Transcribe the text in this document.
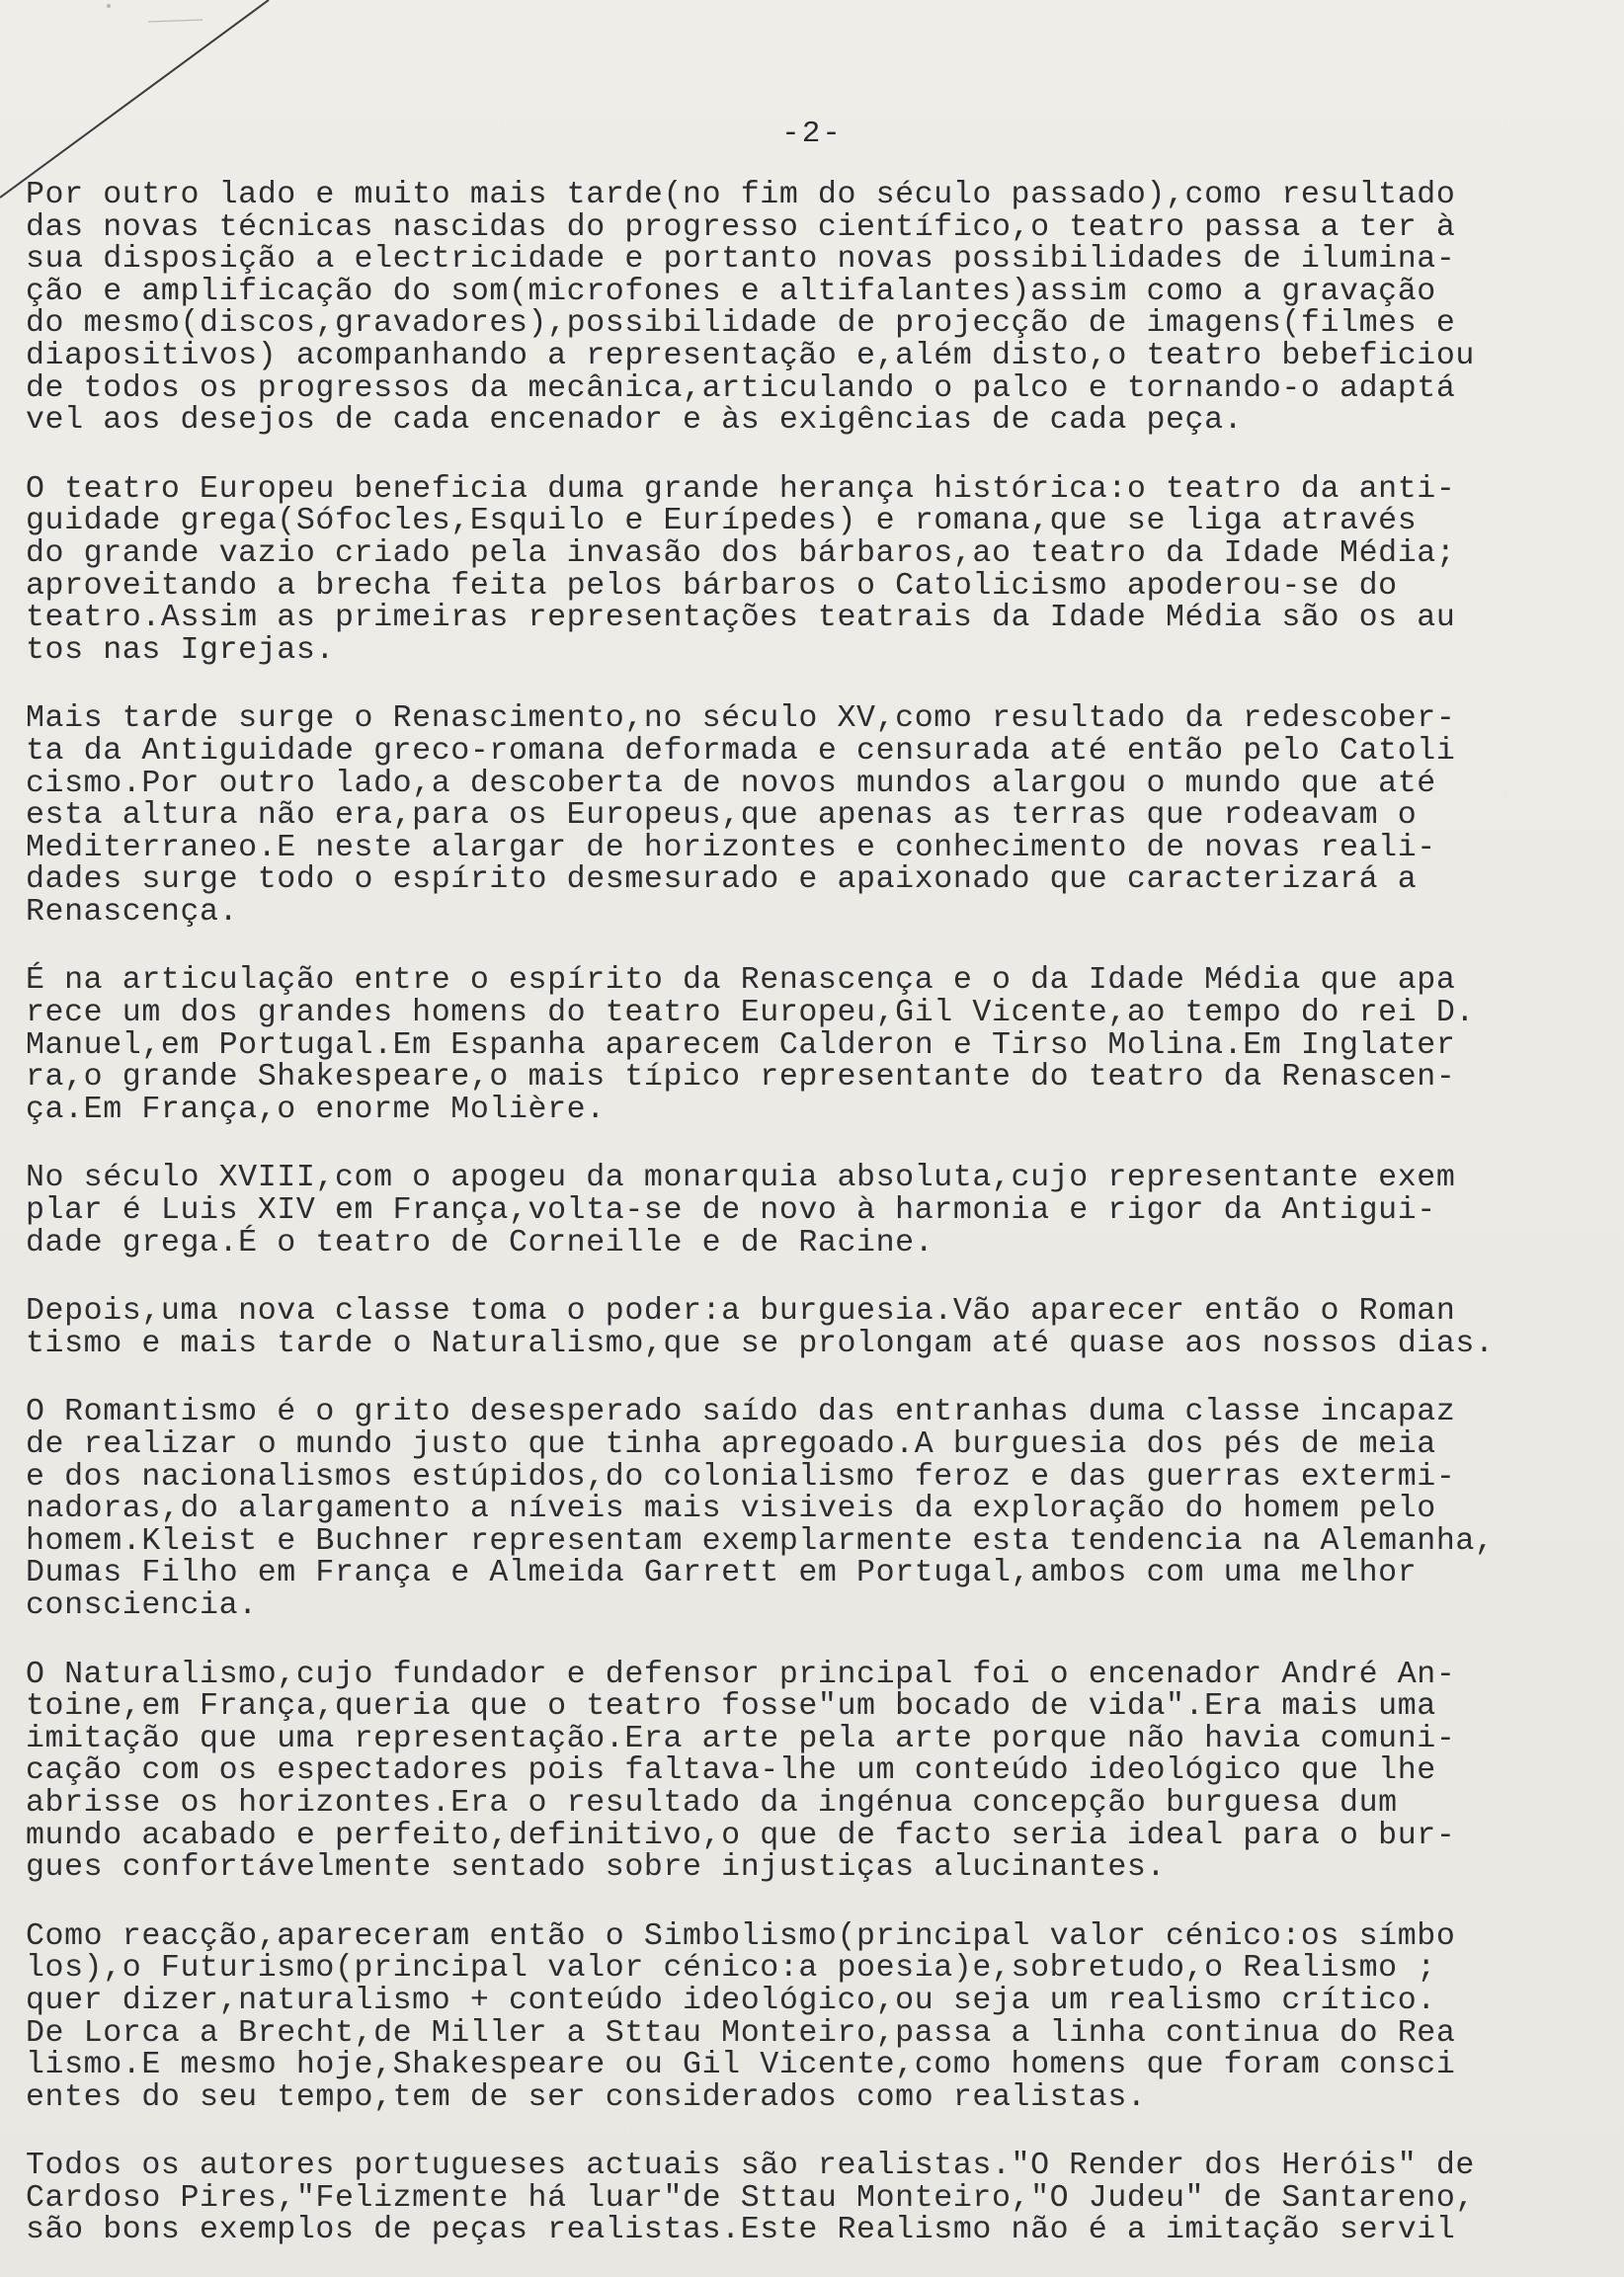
-2-
Por outro lado e muito mais tarde(no fim do século passado),como resultado
das novas técnicas nascidas do progresso científico,o teatro passa a ter à
sua disposição a electricidade e portanto novas possibilidades de ilumina-
ção e amplificação do som(microfones e altifalantes)assim como a gravação
do mesmo(discos,gravadores),possibilidade de projecção de imagens(filmes e
diapositivos) acompanhando a representação e,além disto,o teatro bebeficiou
de todos os progressos da mecânica,articulando o palco e tornando-o adaptá
vel aos desejos de cada encenador e às exigências de cada peça.
O teatro Europeu beneficia duma grande herança histórica:o teatro da anti-
guidade grega(Sófocles,Esquilo e Eurípedes) e romana,que se liga através
do grande vazio criado pela invasão dos bárbaros,ao teatro da Idade Média;
aproveitando a brecha feita pelos bárbaros o Catolicismo apoderou-se do
teatro.Assim as primeiras representações teatrais da Idade Média são os au
tos nas Igrejas.
Mais tarde surge o Renascimento,no século XV,como resultado da redescober-
ta da Antiguidade greco-romana deformada e censurada até então pelo Catoli
cismo.Por outro lado,a descoberta de novos mundos alargou o mundo que até
esta altura não era,para os Europeus,que apenas as terras que rodeavam o
Mediterraneo.E neste alargar de horizontes e conhecimento de novas reali-
dades surge todo o espírito desmesurado e apaixonado que caracterizará a
Renascença.
É na articulação entre o espírito da Renascença e o da Idade Média que apa
rece um dos grandes homens do teatro Europeu,Gil Vicente,ao tempo do rei D.
Manuel,em Portugal.Em Espanha aparecem Calderon e Tirso Molina.Em Inglater
ra,o grande Shakespeare,o mais típico representante do teatro da Renascen-
ça.Em França,o enorme Molière.
No século XVIII,com o apogeu da monarquia absoluta,cujo representante exem
plar é Luis XIV em França,volta-se de novo à harmonia e rigor da Antigui-
dade grega.É o teatro de Corneille e de Racine.
Depois,uma nova classe toma o poder:a burguesia.Vão aparecer então o Roman
tismo e mais tarde o Naturalismo,que se prolongam até quase aos nossos dias.
O Romantismo é o grito desesperado saído das entranhas duma classe incapaz
de realizar o mundo justo que tinha apregoado.A burguesia dos pés de meia
e dos nacionalismos estúpidos,do colonialismo feroz e das guerras extermi-
nadoras,do alargamento a níveis mais visiveis da exploração do homem pelo
homem.Kleist e Buchner representam exemplarmente esta tendencia na Alemanha,
Dumas Filho em França e Almeida Garrett em Portugal,ambos com uma melhor
consciencia.
O Naturalismo,cujo fundador e defensor principal foi o encenador André An-
toine,em França,queria que o teatro fosse"um bocado de vida".Era mais uma
imitação que uma representação.Era arte pela arte porque não havia comuni-
cação com os espectadores pois faltava-lhe um conteúdo ideológico que lhe
abrisse os horizontes.Era o resultado da ingénua concepção burguesa dum
mundo acabado e perfeito,definitivo,o que de facto seria ideal para o bur-
gues confortávelmente sentado sobre injustiças alucinantes.
Como reacção,apareceram então o Simbolismo(principal valor cénico:os símbo
los),o Futurismo(principal valor cénico:a poesia)e,sobretudo,o Realismo ;
quer dizer,naturalismo + conteúdo ideológico,ou seja um realismo crítico.
De Lorca a Brecht,de Miller a Sttau Monteiro,passa a linha continua do Rea
lismo.E mesmo hoje,Shakespeare ou Gil Vicente,como homens que foram consci
entes do seu tempo,tem de ser considerados como realistas.
Todos os autores portugueses actuais são realistas."O Render dos Heróis" de
Cardoso Pires,"Felizmente há luar"de Sttau Monteiro,"O Judeu" de Santareno,
são bons exemplos de peças realistas.Este Realismo não é a imitação servil
